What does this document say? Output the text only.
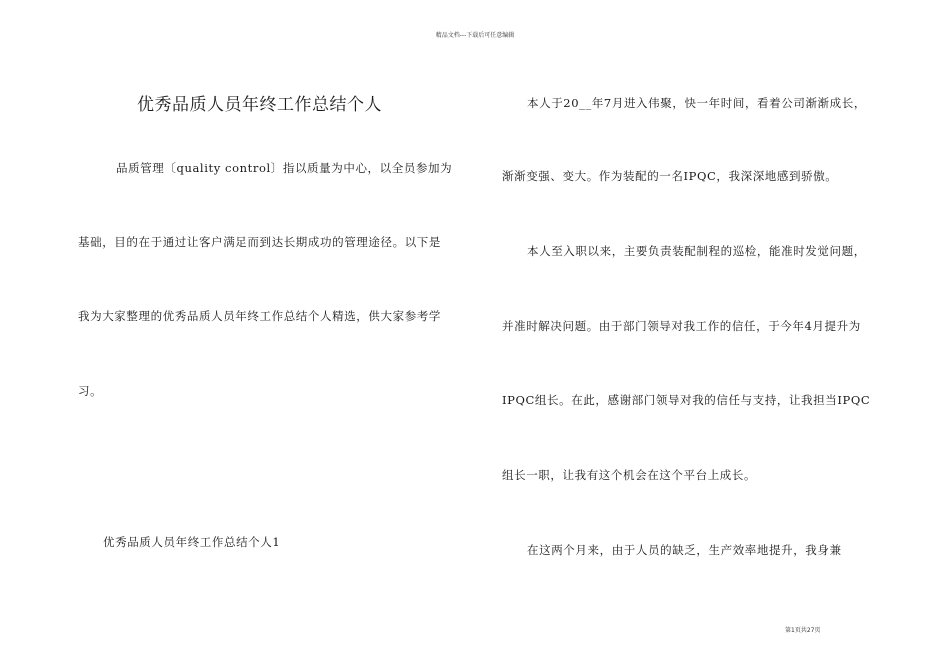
精品文档---下载后可任意编辑
优秀品质人员年终工作总结个人
品质管理〔quality control〕指以质量为中心，以全员参加为
基础，目的在于通过让客户满足而到达长期成功的管理途径。以下是
我为大家整理的优秀品质人员年终工作总结个人精选，供大家参考学
习。
优秀品质人员年终工作总结个人1
本人于20__年7月进入伟聚，快一年时间，看着公司渐渐成长，
渐渐变强、变大。作为装配的一名IPQC，我深深地感到骄傲。
本人至入职以来，主要负责装配制程的巡检，能准时发觉问题，
并准时解决问题。由于部门领导对我工作的信任，于今年4月提升为
IPQC组长。在此，感谢部门领导对我的信任与支持，让我担当IPQC
组长一职，让我有这个机会在这个平台上成长。
在这两个月来，由于人员的缺乏，生产效率地提升，我身兼
第1页共27页
